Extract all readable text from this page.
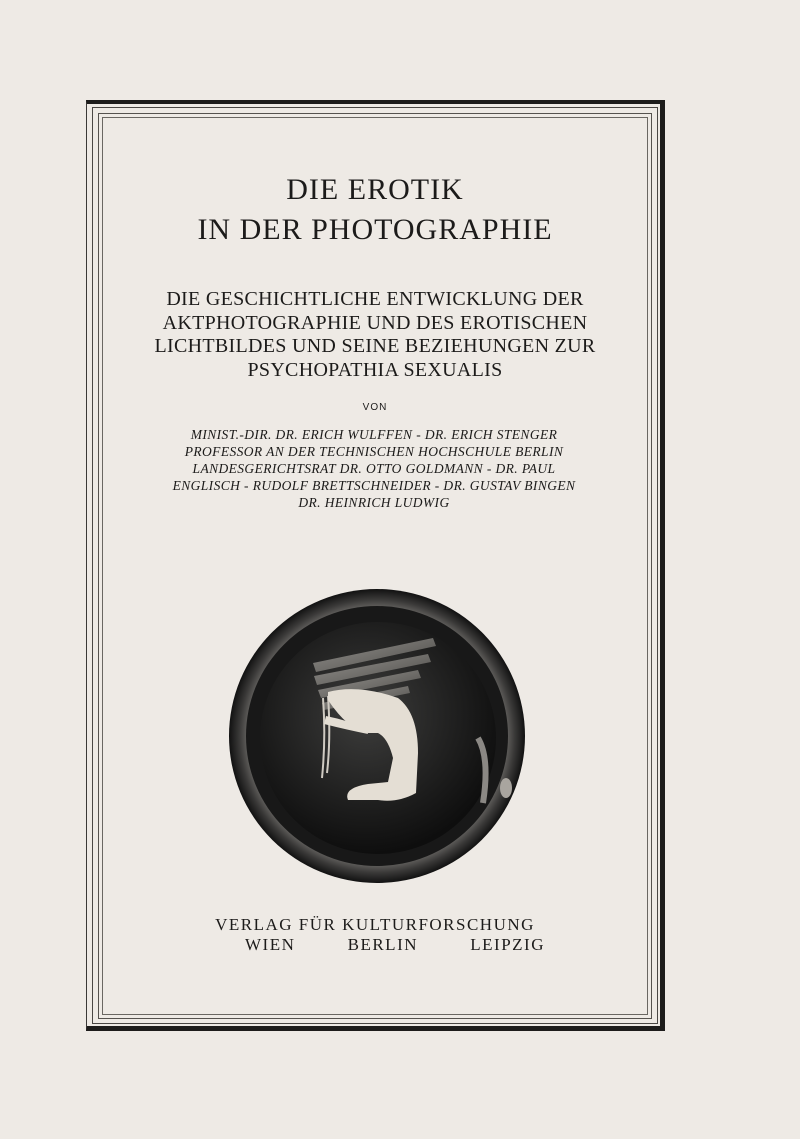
DIE EROTIK
IN DER PHOTOGRAPHIE
DIE GESCHICHTLICHE ENTWICKLUNG DER
AKTPHOTOGRAPHIE UND DES EROTISCHEN
LICHTBILDES UND SEINE BEZIEHUNGEN ZUR
PSYCHOPATHIA SEXUALIS
VON
MINIST.-DIR. DR. ERICH WULFFEN - DR. ERICH STENGER
PROFESSOR AN DER TECHNISCHEN HOCHSCHULE BERLIN
LANDESGERICHTSRAT DR. OTTO GOLDMANN - DR. PAUL
ENGLISCH - RUDOLF BRETTSCHNEIDER - DR. GUSTAV BINGEN
DR. HEINRICH LUDWIG
VERLAG FÜR KULTURFORSCHUNG
WIEN	BERLIN	LEIPZIG
